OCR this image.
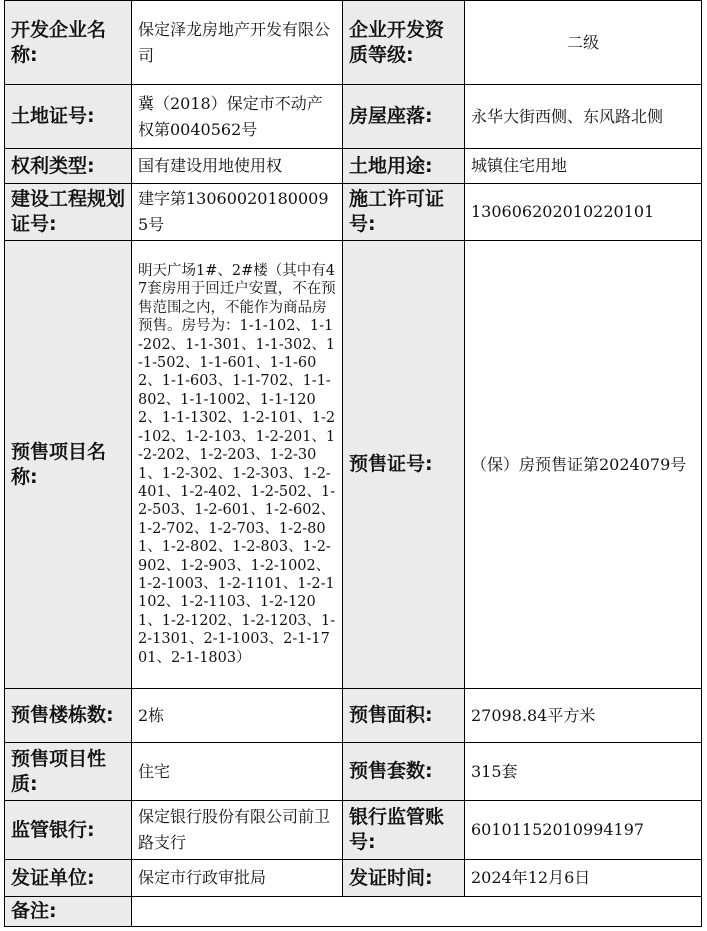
开发企业名称:	保定泽龙房地产开发有限公司	企业开发资质等级:	二级
土地证号:	冀（2018）保定市不动产权第0040562号	房屋座落:	永华大街西侧、东风路北侧
权利类型:	国有建设用地使用权	土地用途:	城镇住宅用地
建设工程规划证号:	建字第130600201800095号	施工许可证号:	130606202010220101
预售项目名称:	明天广场1#、2#楼（其中有47套房用于回迁户安置，不在预售范围之内，不能作为商品房预售。房号为：1-1-102、1-1-202、1-1-301、1-1-302、1-1-502、1-1-601、1-1-602、1-1-603、1-1-702、1-1-802、1-1-1002、1-1-1202、1-1-1302、1-2-101、1-2-102、1-2-103、1-2-201、1-2-202、1-2-203、1-2-301、1-2-302、1-2-303、1-2-401、1-2-402、1-2-502、1-2-503、1-2-601、1-2-602、1-2-702、1-2-703、1-2-801、1-2-802、1-2-803、1-2-902、1-2-903、1-2-1002、1-2-1003、1-2-1101、1-2-1102、1-2-1103、1-2-1201、1-2-1202、1-2-1203、1-2-1301、2-1-1003、2-1-1701、2-1-1803）	预售证号:	（保）房预售证第2024079号
预售楼栋数:	2栋	预售面积:	27098.84平方米
预售项目性质:	住宅	预售套数:	315套
监管银行:	保定银行股份有限公司前卫路支行	银行监管账号:	60101152010994197
发证单位:	保定市行政审批局	发证时间:	2024年12月6日
备注:			
